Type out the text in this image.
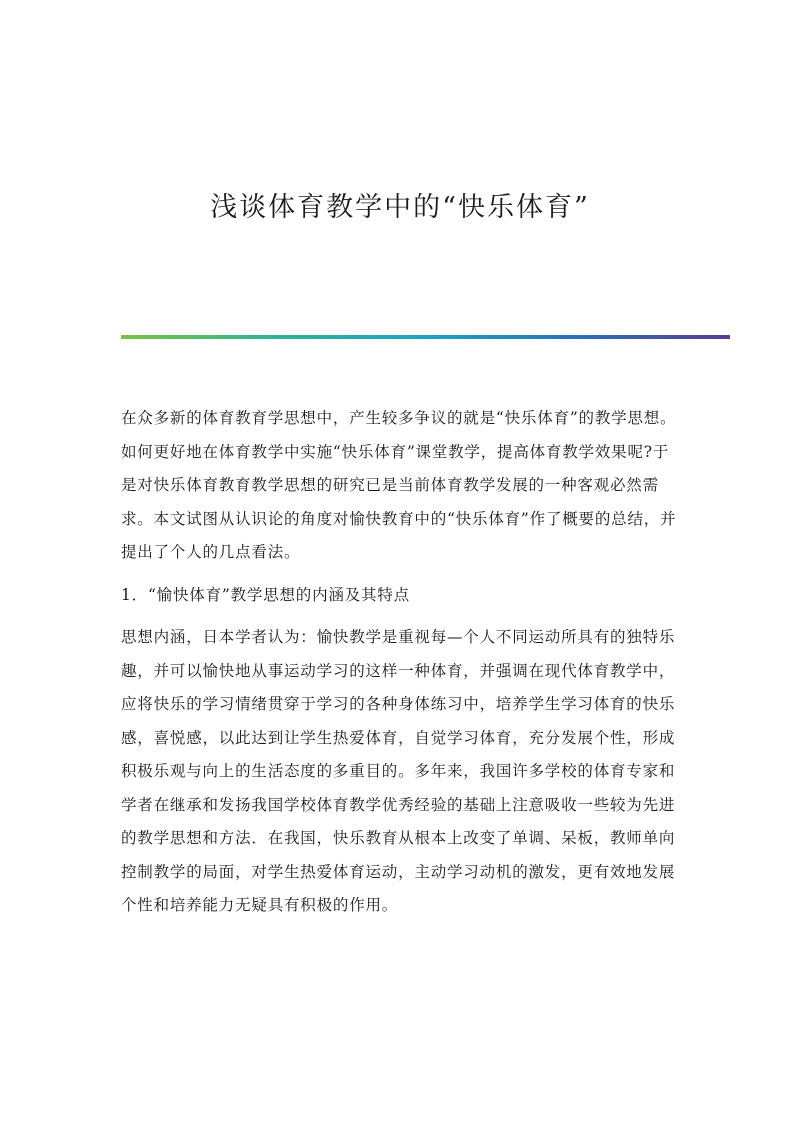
浅谈体育教学中的“快乐体育”

在众多新的体育教育学思想中，产生较多争议的就是“快乐体育”的教学思想。如何更好地在体育教学中实施“快乐体育”课堂教学，提高体育教学效果呢?于是对快乐体育教育教学思想的研究已是当前体育教学发展的一种客观必然需求。本文试图从认识论的角度对愉快教育中的“快乐体育”作了概要的总结，并提出了个人的几点看法。

1．“愉快体育”教学思想的内涵及其特点

思想内涵，日本学者认为：愉快教学是重视每—个人不同运动所具有的独特乐趣，并可以愉快地从事运动学习的这样一种体育，并强调在现代体育教学中，应将快乐的学习情绪贯穿于学习的各种身体练习中，培养学生学习体育的快乐感，喜悦感，以此达到让学生热爱体育，自觉学习体育，充分发展个性，形成积极乐观与向上的生活态度的多重目的。多年来，我国许多学校的体育专家和学者在继承和发扬我国学校体育教学优秀经验的基础上注意吸收一些较为先进的教学思想和方法．在我国，快乐教育从根本上改变了单调、呆板，教师单向控制教学的局面，对学生热爱体育运动，主动学习动机的激发，更有效地发展个性和培养能力无疑具有积极的作用。
